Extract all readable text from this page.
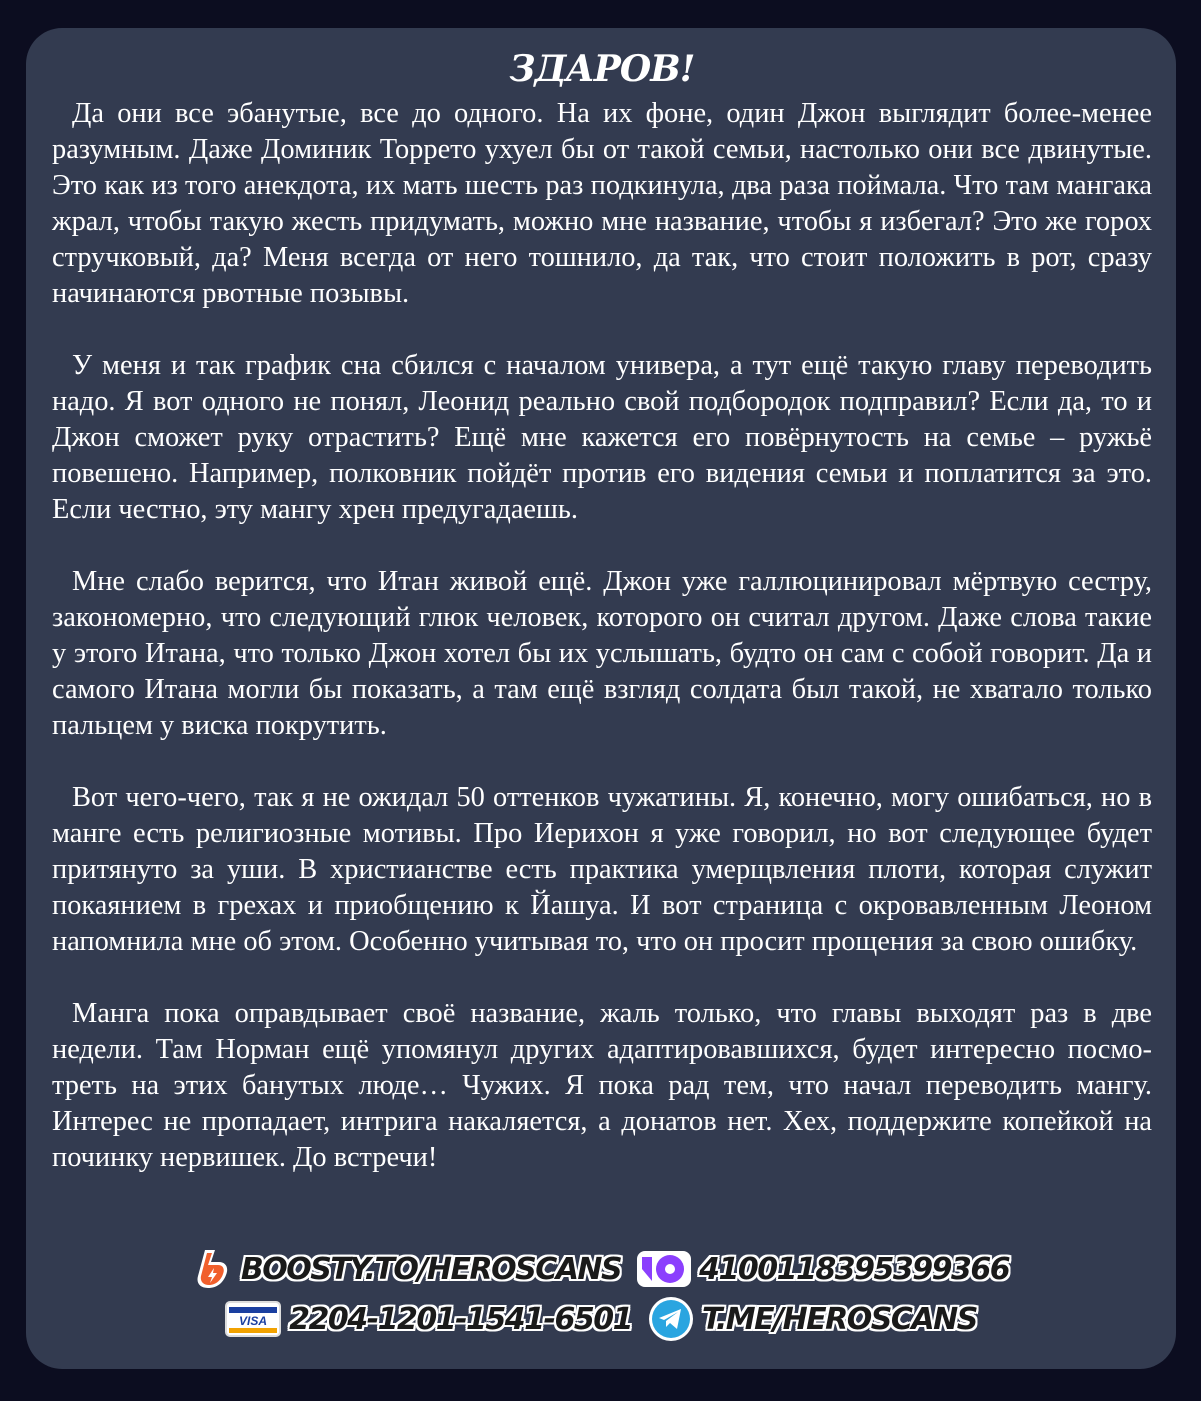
ЗДАРОВ!

Да они все эбанутые, все до одного. На их фоне, один Джон выглядит более-менее разумным. Даже Доминик Торрето ухуел бы от такой семьи, настолько они все двинутые. Это как из того анекдота, их мать шесть раз подкинула, два раза поймала. Что там мангака жрал, чтобы такую жесть придумать, можно мне название, чтобы я избегал? Это же горох стручковый, да? Меня всегда от него тошнило, да так, что стоит положить в рот, сразу начинаются рвотные позывы.

У меня и так график сна сбился с началом универа, а тут ещё такую главу переводить надо. Я вот одного не понял, Леонид реально свой подбородок подправил? Если да, то и Джон сможет руку отрастить? Ещё мне кажется его повёрнутость на семье – ружьё повешено. Например, полковник пойдёт против его видения семьи и поплатится за это. Если честно, эту мангу хрен предугадаешь.

Мне слабо верится, что Итан живой ещё. Джон уже галлюцинировал мёртвую сестру, закономерно, что следующий глюк человек, которого он считал другом. Даже слова такие у этого Итана, что только Джон хотел бы их услышать, будто он сам с собой говорит. Да и самого Итана могли бы показать, а там ещё взгляд солдата был такой, не хватало только пальцем у виска покрутить.

Вот чего-чего, так я не ожидал 50 оттенков чужатины. Я, конечно, могу ошибаться, но в манге есть религиозные мотивы. Про Иерихон я уже говорил, но вот следующее будет притянуто за уши. В христианстве есть практика умерщвления плоти, которая служит покаянием в грехах и приобщению к Йашуа. И вот страница с окровавленным Леоном напомнила мне об этом. Особенно учитывая то, что он просит прощения за свою ошибку.

Манга пока оправдывает своё название, жаль только, что главы выходят раз в две недели. Там Норман ещё упомянул других адаптировавшихся, будет интересно посмотреть на этих банутых люде… Чужих. Я пока рад тем, что начал переводить мангу. Интерес не пропадает, интрига накаляется, а донатов нет. Хех, поддержите копейкой на починку нервишек. До встречи!

BOOSTY.TO/HEROSCANS	4100118395399366
VISA 2204-1201-1541-6501 T.ME/HEROSCANS
